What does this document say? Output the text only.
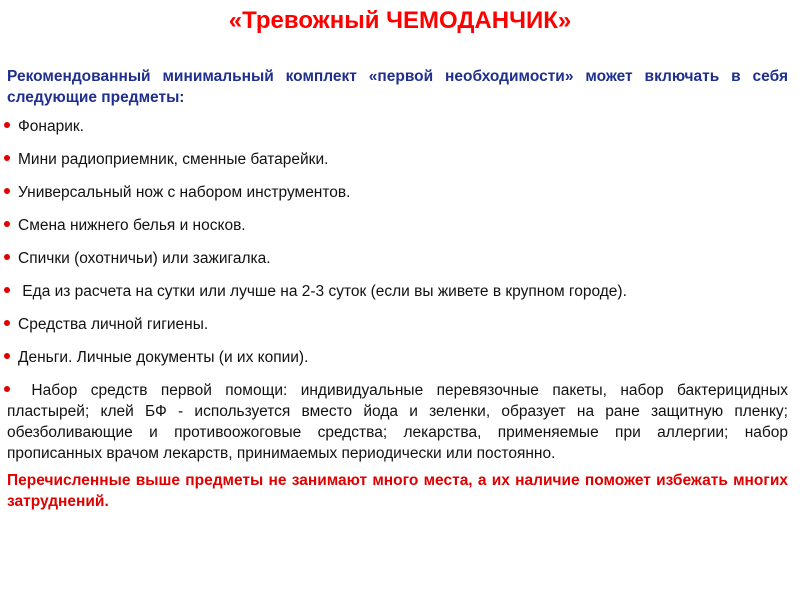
«Тревожный ЧЕМОДАНЧИК»

Рекомендованный минимальный комплект «первой необходимости» может включать в себя следующие предметы:

Фонарик.
Мини радиоприемник, сменные батарейки.
Универсальный нож с набором инструментов.
Смена нижнего белья и носков.
Спички (охотничьи) или зажигалка.
Еда из расчета на сутки или лучше на 2-3 суток (если вы живете в крупном городе).
Средства личной гигиены.
Деньги. Личные документы (и их копии).
Набор средств первой помощи: индивидуальные перевязочные пакеты, набор бактерицидных пластырей; клей БФ - используется вместо йода и зеленки, образует на ране защитную пленку; обезболивающие и противоожоговые средства; лекарства, применяемые при аллергии; набор прописанных врачом лекарств, принимаемых периодически или постоянно.

Перечисленные выше предметы не занимают много места, а их наличие поможет избежать многих затруднений.
